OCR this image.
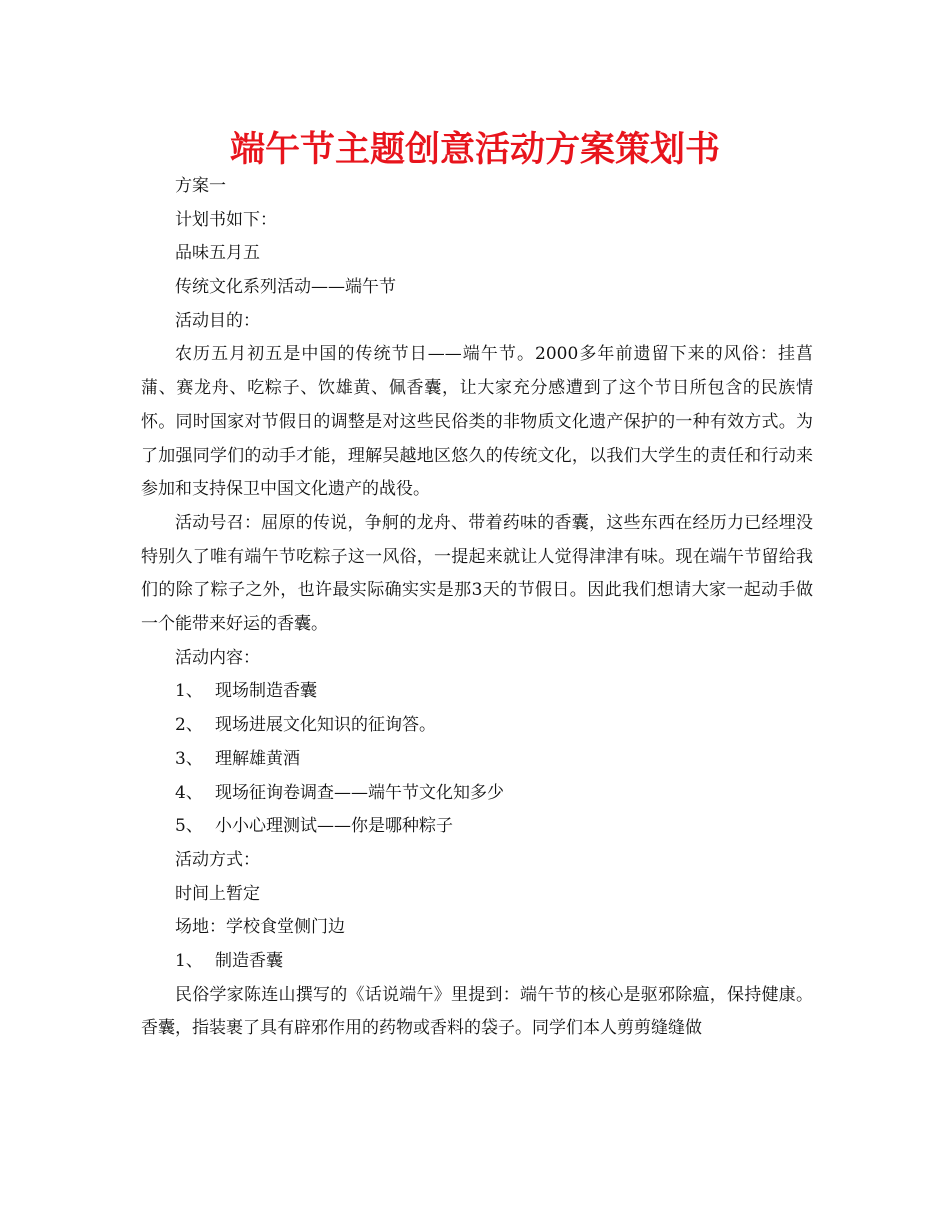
端午节主题创意活动方案策划书
方案一
计划书如下：
品味五月五
传统文化系列活动——端午节
活动目的：

农历五月初五是中国的传统节日——端午节。2000多年前遗留下来的风俗：挂菖蒲、赛龙舟、吃粽子、饮雄黄、佩香囊，让大家充分感遭到了这个节日所包含的民族情怀。同时国家对节假日的调整是对这些民俗类的非物质文化遗产保护的一种有效方式。为了加强同学们的动手才能，理解吴越地区悠久的传统文化，以我们大学生的责任和行动来参加和支持保卫中国文化遗产的战役。

活动号召：屈原的传说，争舸的龙舟、带着药味的香囊，这些东西在经历力已经埋没特别久了唯有端午节吃粽子这一风俗，一提起来就让人觉得津津有味。现在端午节留给我们的除了粽子之外，也许最实际确实实是那3天的节假日。因此我们想请大家一起动手做一个能带来好运的香囊。

活动内容：
1、 现场制造香囊
2、 现场进展文化知识的征询答。
3、 理解雄黄酒
4、 现场征询卷调查——端午节文化知多少
5、 小小心理测试——你是哪种粽子
活动方式：
时间上暂定
场地：学校食堂侧门边
1、 制造香囊

民俗学家陈连山撰写的《话说端午》里提到：端午节的核心是驱邪除瘟，保持健康。香囊，指装裹了具有辟邪作用的药物或香料的袋子。同学们本人剪剪缝缝做
